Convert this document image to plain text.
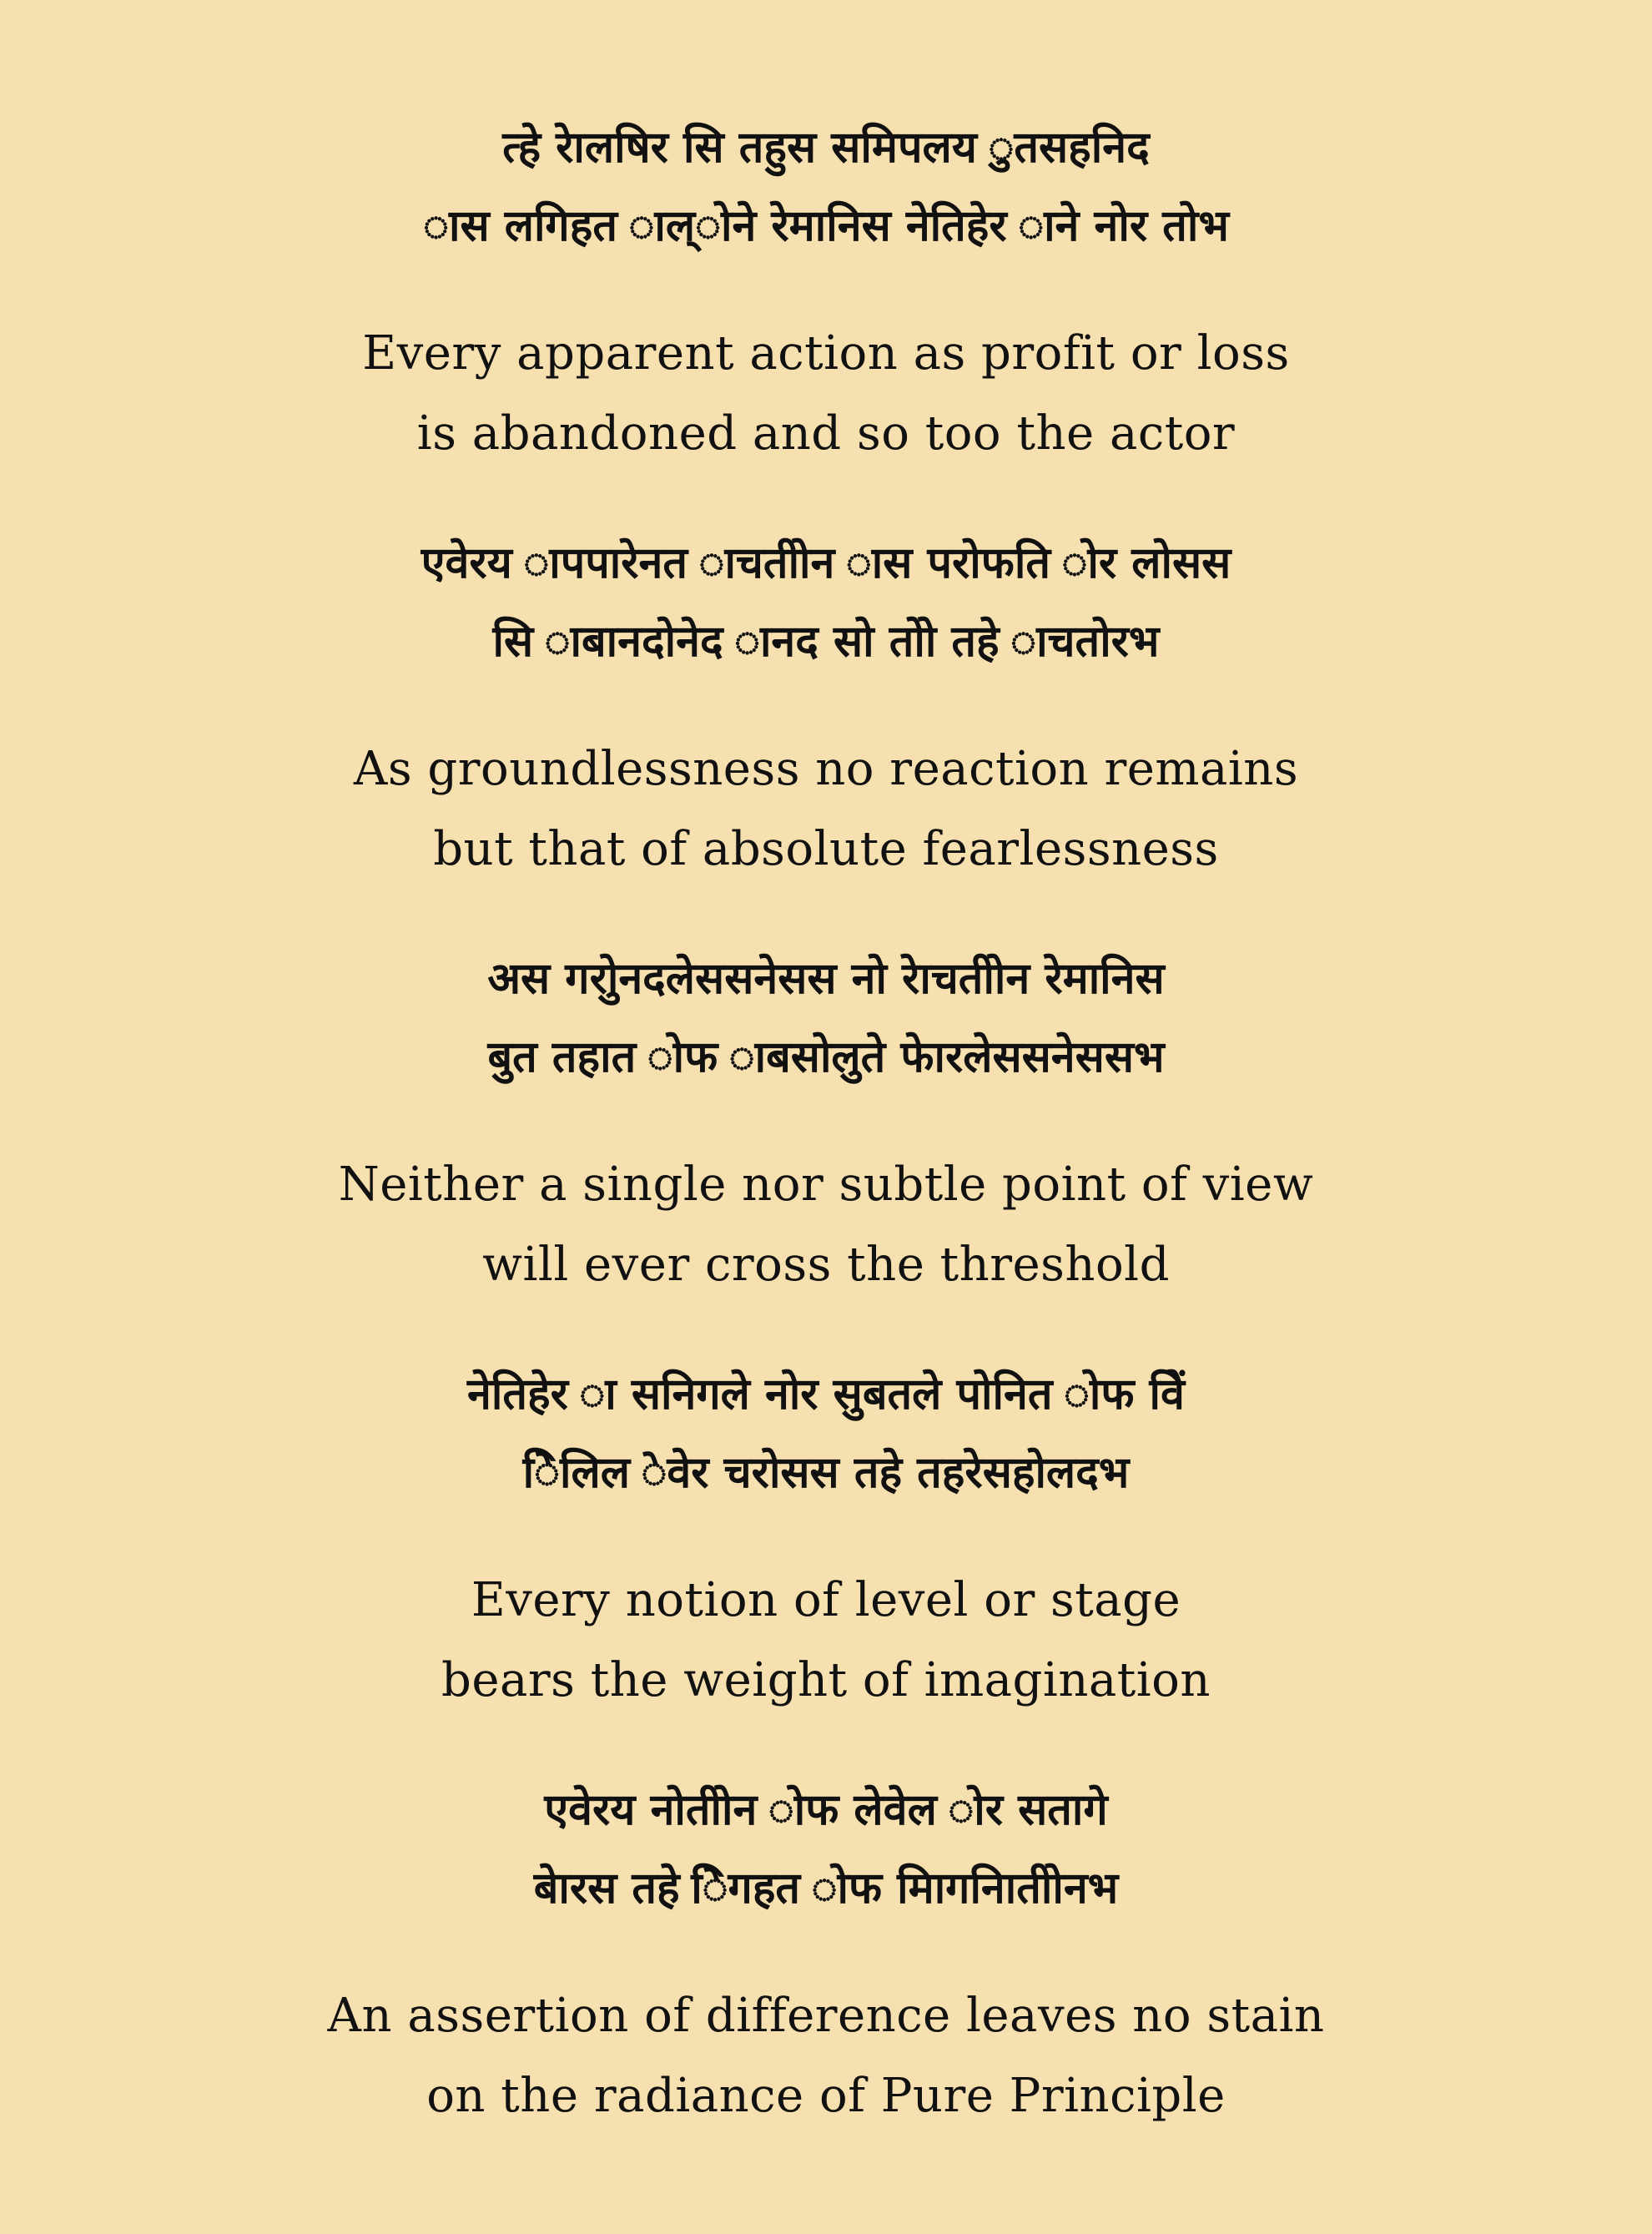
त्हे रेालषिर सि तहुस समिपलय ुतसहनिद
ास लगिहत ाल्ोने रेमानिस नेतिहेर ाने नोर तोभ
Every apparent action as profit or loss
is abandoned and so too the actor
एवेरय ापपारेनत ाचतीोन ास परोफति ोर लोसस
सि ाबानदोनेद ानद सो तोो तहे ाचतोरभ
As groundlessness no reaction remains
but that of absolute fearlessness
अस गरोुनदलेससनेसस नो रेाचतीोन रेमानिस
बुत तहात ोफ ाबसोलुते फेारलेससनेससभ
Neither a single nor subtle point of view
will ever cross the threshold
नेतिहेर ा सनिगले नोर सुबतले पोनित ोफ वेिं
ेिलिल ेवेर चरोसस तहे तहरेसहोलदभ
Every notion of level or stage
bears the weight of imagination
एवेरय नोतीोन ोफ लेवेल ोर सतागे
बेारस तहे ेिगहत ोफ मिागनिातीोनभ
An assertion of difference leaves no stain
on the radiance of Pure Principle
